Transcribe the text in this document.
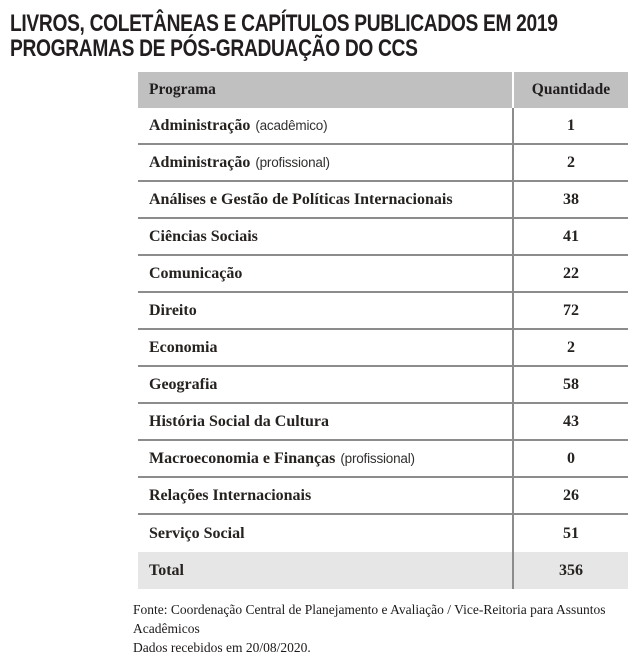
LIVROS, COLETÂNEAS E CAPÍTULOS PUBLICADOS EM 2019
PROGRAMAS DE PÓS-GRADUAÇÃO DO CCS
Programa	Quantidade
Administração (acadêmico)	1
Administração (profissional)	2
Análises e Gestão de Políticas Internacionais	38
Ciências Sociais	41
Comunicação	22
Direito	72
Economia	2
Geografia	58
História Social da Cultura	43
Macroeconomia e Finanças (profissional)	0
Relações Internacionais	26
Serviço Social	51
Total	356
Fonte: Coordenação Central de Planejamento e Avaliação / Vice-Reitoria para Assuntos
Acadêmicos
Dados recebidos em 20/08/2020.
